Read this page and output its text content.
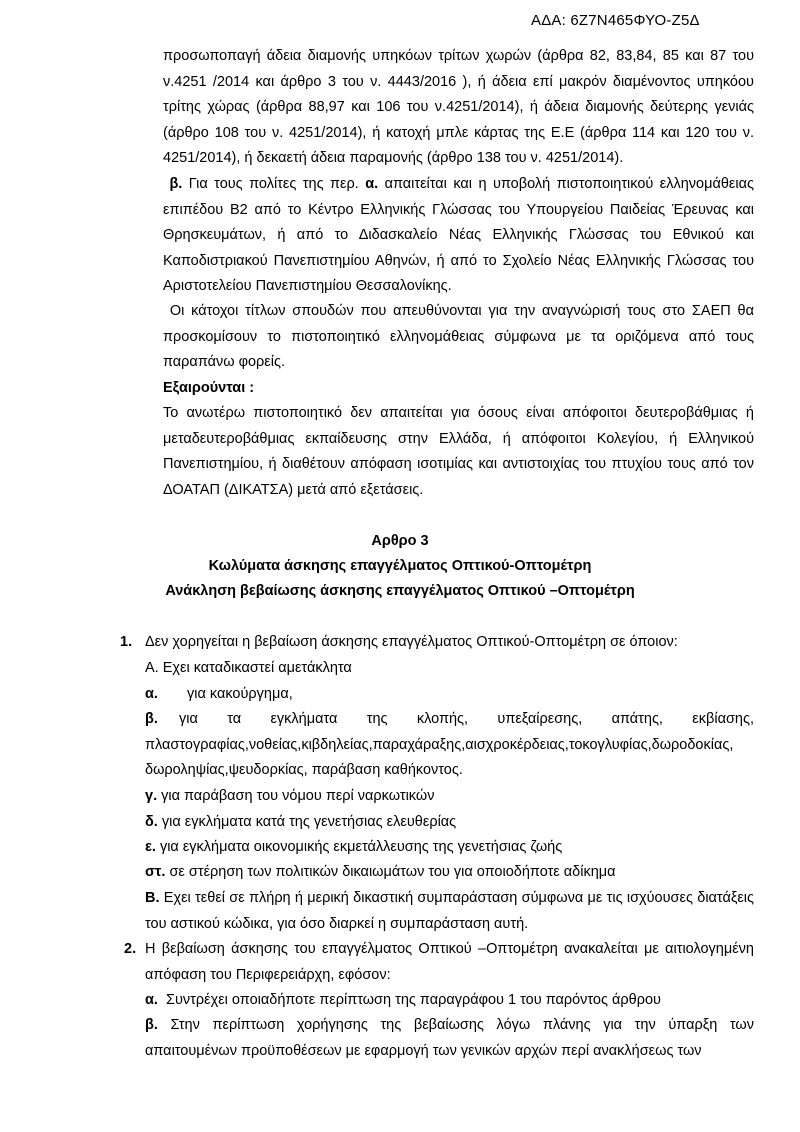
ΑΔΑ: 6Ζ7Ν465ΦΥΟ-Ζ5Δ

προσωποπαγή άδεια διαμονής υπηκόων τρίτων χωρών (άρθρα 82, 83,84, 85 και 87 του ν.4251 /2014 και άρθρο 3 του ν. 4443/2016 ), ή άδεια επί μακρόν διαμένοντος υπηκόου τρίτης χώρας (άρθρα 88,97 και 106 του ν.4251/2014), ή άδεια διαμονής δεύτερης γενιάς (άρθρο 108 του ν. 4251/2014), ή κατοχή μπλε κάρτας της Ε.Ε (άρθρα 114 και 120 του ν. 4251/2014), ή δεκαετή άδεια παραμονής (άρθρο 138 του ν. 4251/2014).

β. Για τους πολίτες της περ. α. απαιτείται και η υποβολή πιστοποιητικού ελληνομάθειας επιπέδου Β2 από το Κέντρο Ελληνικής Γλώσσας του Υπουργείου Παιδείας Έρευνας και Θρησκευμάτων, ή από το Διδασκαλείο Νέας Ελληνικής Γλώσσας του Εθνικού και Καποδιστριακού Πανεπιστημίου Αθηνών, ή από το Σχολείο Νέας Ελληνικής Γλώσσας του Αριστοτελείου Πανεπιστημίου Θεσσαλονίκης.

Οι κάτοχοι τίτλων σπουδών που απευθύνονται για την αναγνώρισή τους στο ΣΑΕΠ θα προσκομίσουν το πιστοποιητικό ελληνομάθειας σύμφωνα με τα οριζόμενα από τους παραπάνω φορείς.

Εξαιρούνται :

Το ανωτέρω πιστοποιητικό δεν απαιτείται για όσους είναι απόφοιτοι δευτεροβάθμιας ή μεταδευτεροβάθμιας εκπαίδευσης στην Ελλάδα, ή απόφοιτοι Κολεγίου, ή Ελληνικού Πανεπιστημίου, ή διαθέτουν απόφαση ισοτιμίας και αντιστοιχίας του πτυχίου τους από τον ΔΟΑΤΑΠ (ΔΙΚΑΤΣΑ) μετά από εξετάσεις.

Αρθρο 3

Κωλύματα άσκησης επαγγέλματος Οπτικού-Οπτομέτρη

Ανάκληση βεβαίωσης άσκησης επαγγέλματος Οπτικού –Οπτομέτρη

1. Δεν χορηγείται η βεβαίωση άσκησης επαγγέλματος Οπτικού-Οπτομέτρη σε όποιον:

Α. Εχει καταδικαστεί αμετάκλητα

α. για κακούργημα,

β. για τα εγκλήματα της κλοπής, υπεξαίρεσης, απάτης, εκβίασης, πλαστογραφίας,νοθείας,κιβδηλείας,παραχάραξης,αισχροκέρδειας,τοκογλυφίας,δωροδοκίας, δωροληψίας,ψευδορκίας, παράβαση καθήκοντος.

γ. για παράβαση του νόμου περί ναρκωτικών

δ. για εγκλήματα κατά της γενετήσιας ελευθερίας

ε. για εγκλήματα οικονομικής εκμετάλλευσης της γενετήσιας ζωής

στ. σε στέρηση των πολιτικών δικαιωμάτων του για οποιοδήποτε αδίκημα

Β. Εχει τεθεί σε πλήρη ή μερική δικαστική συμπαράσταση σύμφωνα με τις ισχύουσες διατάξεις του αστικού κώδικα, για όσο διαρκεί η συμπαράσταση αυτή.

2. Η βεβαίωση άσκησης του επαγγέλματος Οπτικού –Οπτομέτρη ανακαλείται με αιτιολογημένη απόφαση του Περιφερειάρχη, εφόσον:

α. Συντρέχει οποιαδήποτε περίπτωση της παραγράφου 1 του παρόντος άρθρου

β. Στην περίπτωση χορήγησης της βεβαίωσης λόγω πλάνης για την ύπαρξη των απαιτουμένων προϋποθέσεων με εφαρμογή των γενικών αρχών περί ανακλήσεως των
